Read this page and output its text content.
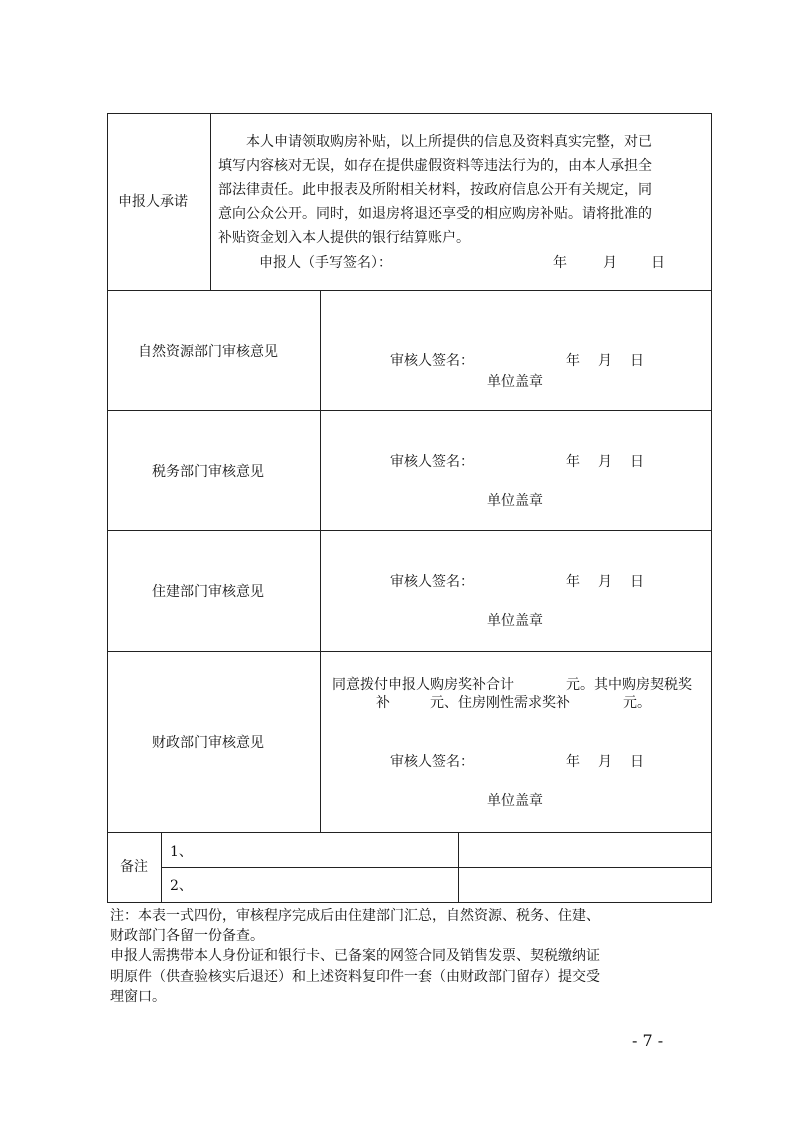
申报人承诺
本人申请领取购房补贴，以上所提供的信息及资料真实完整，对已
填写内容核对无误，如存在提供虚假资料等违法行为的，由本人承担全
部法律责任。此申报表及所附相关材料，按政府信息公开有关规定，同
意向公众公开。同时，如退房将退还享受的相应购房补贴。请将批准的
补贴资金划入本人提供的银行结算账户。
申报人（手写签名）：	年	月 日
自然资源部门审核意见
审核人签名：	年 月 日
单位盖章
税务部门审核意见
审核人签名：	年 月 日
单位盖章
住建部门审核意见
审核人签名：	年 月 日
单位盖章
财政部门审核意见
同意拨付申报人购房奖补合计	元。其中购房契税奖
补	元、住房刚性需求奖补	元。
审核人签名：	年 月 日
单位盖章
备注
1、
2、
注：本表一式四份，审核程序完成后由住建部门汇总，自然资源、税务、住建、
财政部门各留一份备查。
申报人需携带本人身份证和银行卡、已备案的网签合同及销售发票、契税缴纳证
明原件（供查验核实后退还）和上述资料复印件一套（由财政部门留存）提交受
理窗口。
- 7 -
